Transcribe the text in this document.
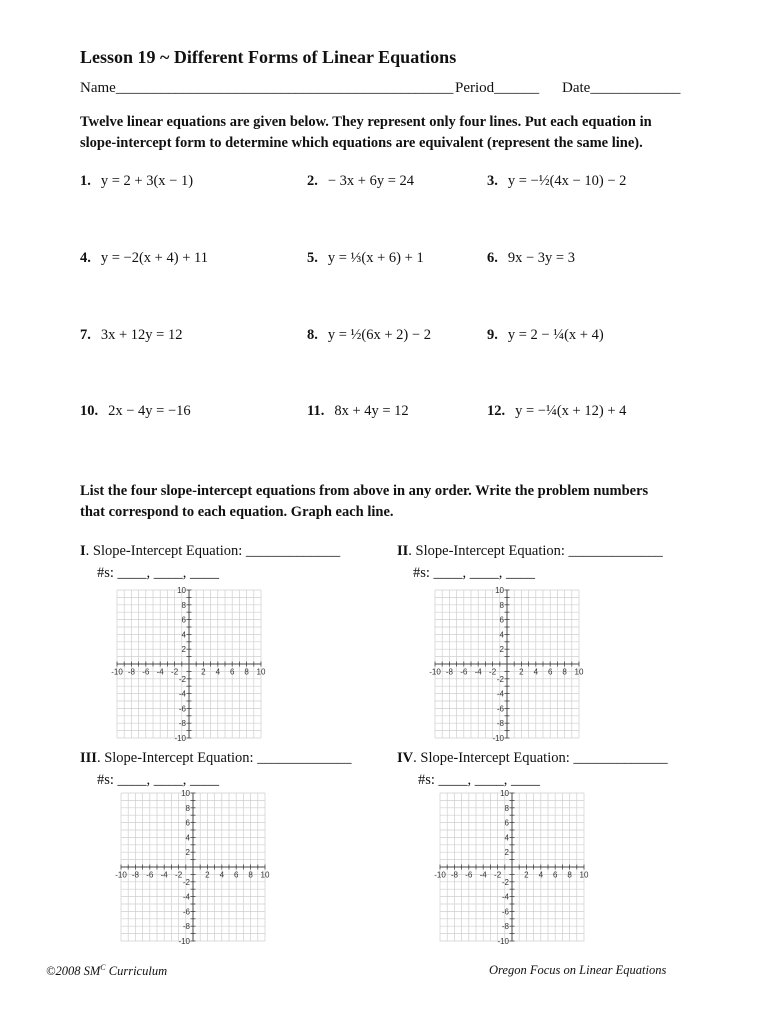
Lesson 19 ~ Different Forms of Linear Equations
Name_____________________________________________ Period______ Date____________
Twelve linear equations are given below. They represent only four lines. Put each equation in
slope-intercept form to determine which equations are equivalent (represent the same line).
1. y = 2 + 3(x − 1)	2. − 3x + 6y = 24	3. y = −½(4x − 10) − 2
4. y = −2(x + 4) + 11	5. y = ⅓(x + 6) + 1	6. 9x − 3y = 3
7. 3x + 12y = 12	8. y = ½(6x + 2) − 2	9. y = 2 − ¼(x + 4)
10. 2x − 4y = −16	11. 8x + 4y = 12	12. y = −¼(x + 12) + 4
List the four slope-intercept equations from above in any order. Write the problem numbers
that correspond to each equation. Graph each line.
I. Slope-Intercept Equation: _____________
#s: ____, ____, ____
-10 -8 -6 -4 -2	2 4 6 8 10
10
8
6
4
2
-2
-4
-6
-8
-10
II. Slope-Intercept Equation: _____________
#s: ____, ____, ____
-10 -8 -6 -4 -2	2 4 6 8 10
10
8
6
4
2
-2
-4
-6
-8
-10
III. Slope-Intercept Equation: _____________
#s: ____, ____, ____
-10 -8 -6 -4 -2	2 4 6 8 10
10
8
6
4
2
-2
-4
-6
-8
-10
IV. Slope-Intercept Equation: _____________
#s: ____, ____, ____
-10 -8 -6 -4 -2	2 4 6 8 10
10
8
6
4
2
-2
-4
-6
-8
-10
©2008 $SM^C$ Curriculum	Oregon Focus on Linear Equations
